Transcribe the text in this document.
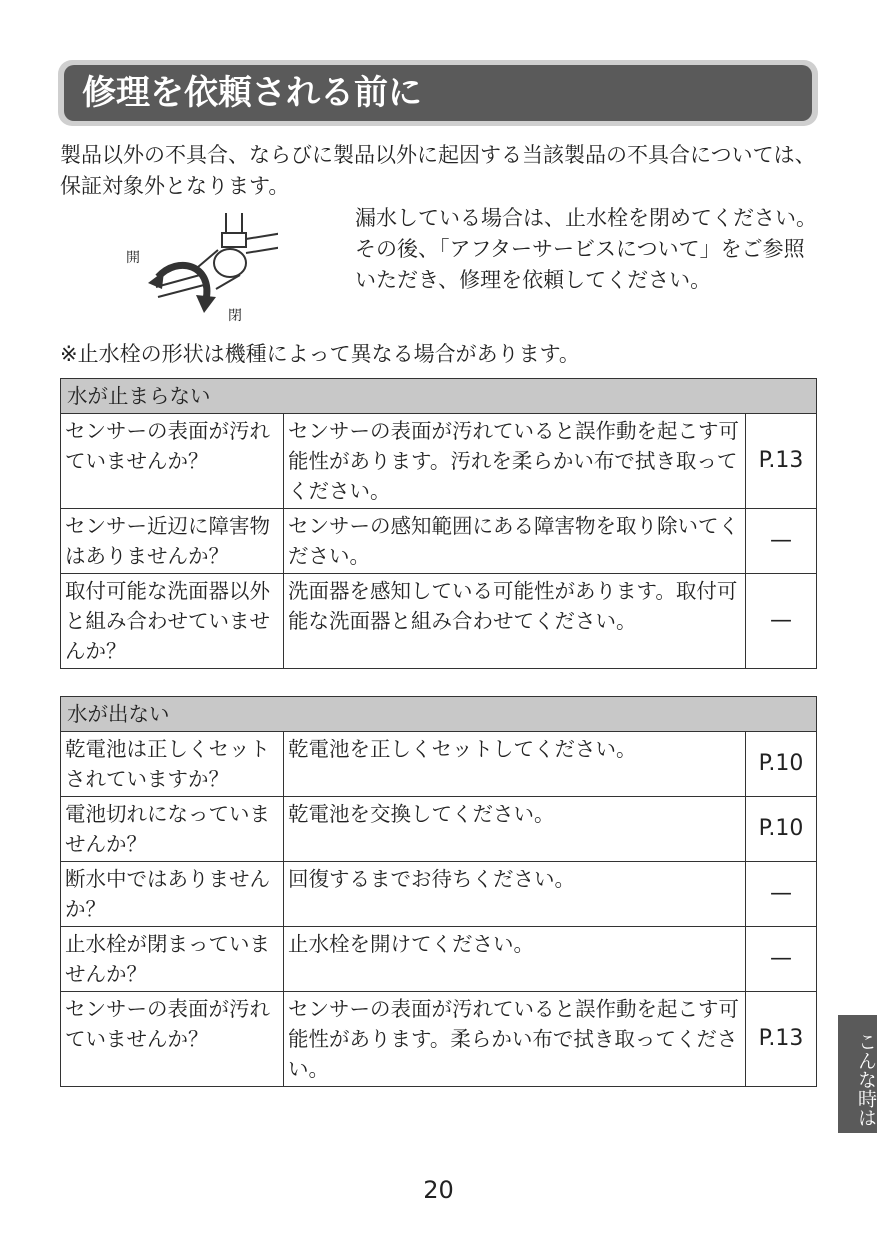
修理を依頼される前に
製品以外の不具合、ならびに製品以外に起因する当該製品の不具合については、保証対象外となります。
開
閉
漏水している場合は、止水栓を閉めてください。
その後、「アフターサービスについて」をご参照いただき、修理を依頼してください。
※止水栓の形状は機種によって異なる場合があります。
水が止まらない		
センサーの表面が汚れていませんか？	センサーの表面が汚れていると誤作動を起こす可能性があります。汚れを柔らかい布で拭き取ってください。	P.13
センサー近辺に障害物はありませんか？	センサーの感知範囲にある障害物を取り除いてください。	—
取付可能な洗面器以外と組み合わせていませんか？	洗面器を感知している可能性があります。取付可能な洗面器と組み合わせてください。	—
水が出ない		
乾電池は正しくセットされていますか？	乾電池を正しくセットしてください。	P.10
電池切れになっていませんか？	乾電池を交換してください。	P.10
断水中ではありませんか？	回復するまでお待ちください。	—
止水栓が閉まっていませんか？	止水栓を開けてください。	—
センサーの表面が汚れていませんか？	センサーの表面が汚れていると誤作動を起こす可能性があります。柔らかい布で拭き取ってください。	P.13	こんな時は
20
